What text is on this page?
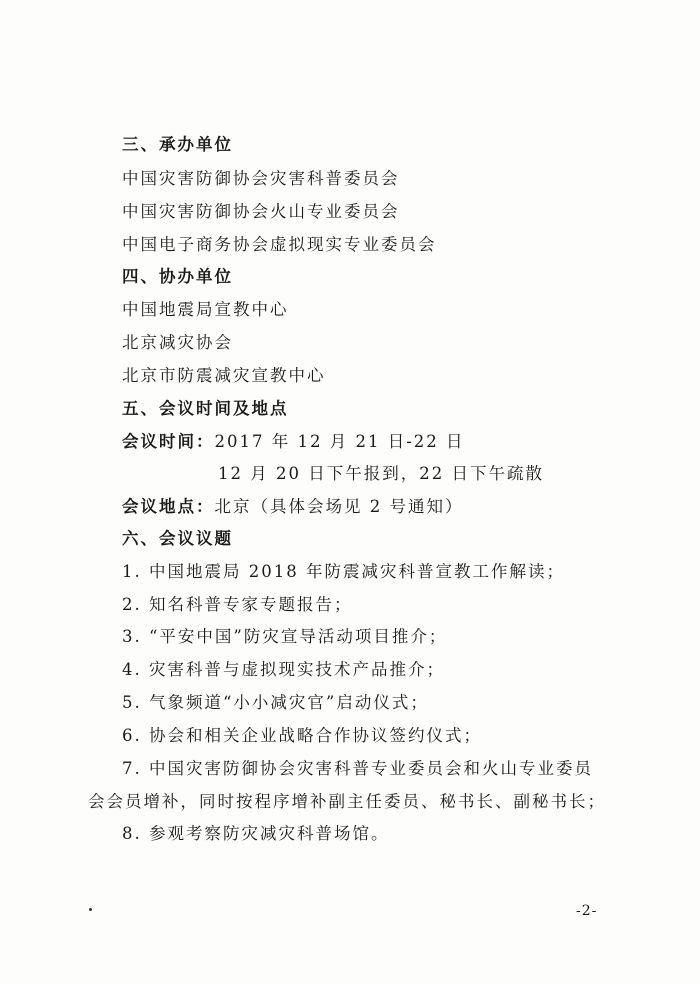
三、承办单位
中国灾害防御协会灾害科普委员会
中国灾害防御协会火山专业委员会
中国电子商务协会虚拟现实专业委员会
四、协办单位
中国地震局宣教中心
北京减灾协会
北京市防震减灾宣教中心
五、会议时间及地点
会议时间：2017 年 12 月 21 日-22 日
12 月 20 日下午报到，22 日下午疏散
会议地点：北京（具体会场见 2 号通知）
六、会议议题
1. 中国地震局 2018 年防震减灾科普宣教工作解读；
2. 知名科普专家专题报告；
3. “平安中国”防灾宣导活动项目推介；
4. 灾害科普与虚拟现实技术产品推介；
5. 气象频道“小小减灾官”启动仪式；
6. 协会和相关企业战略合作协议签约仪式；
7. 中国灾害防御协会灾害科普专业委员会和火山专业委员
会会员增补，同时按程序增补副主任委员、秘书长、副秘书长；
8. 参观考察防灾减灾科普场馆。
-2-
